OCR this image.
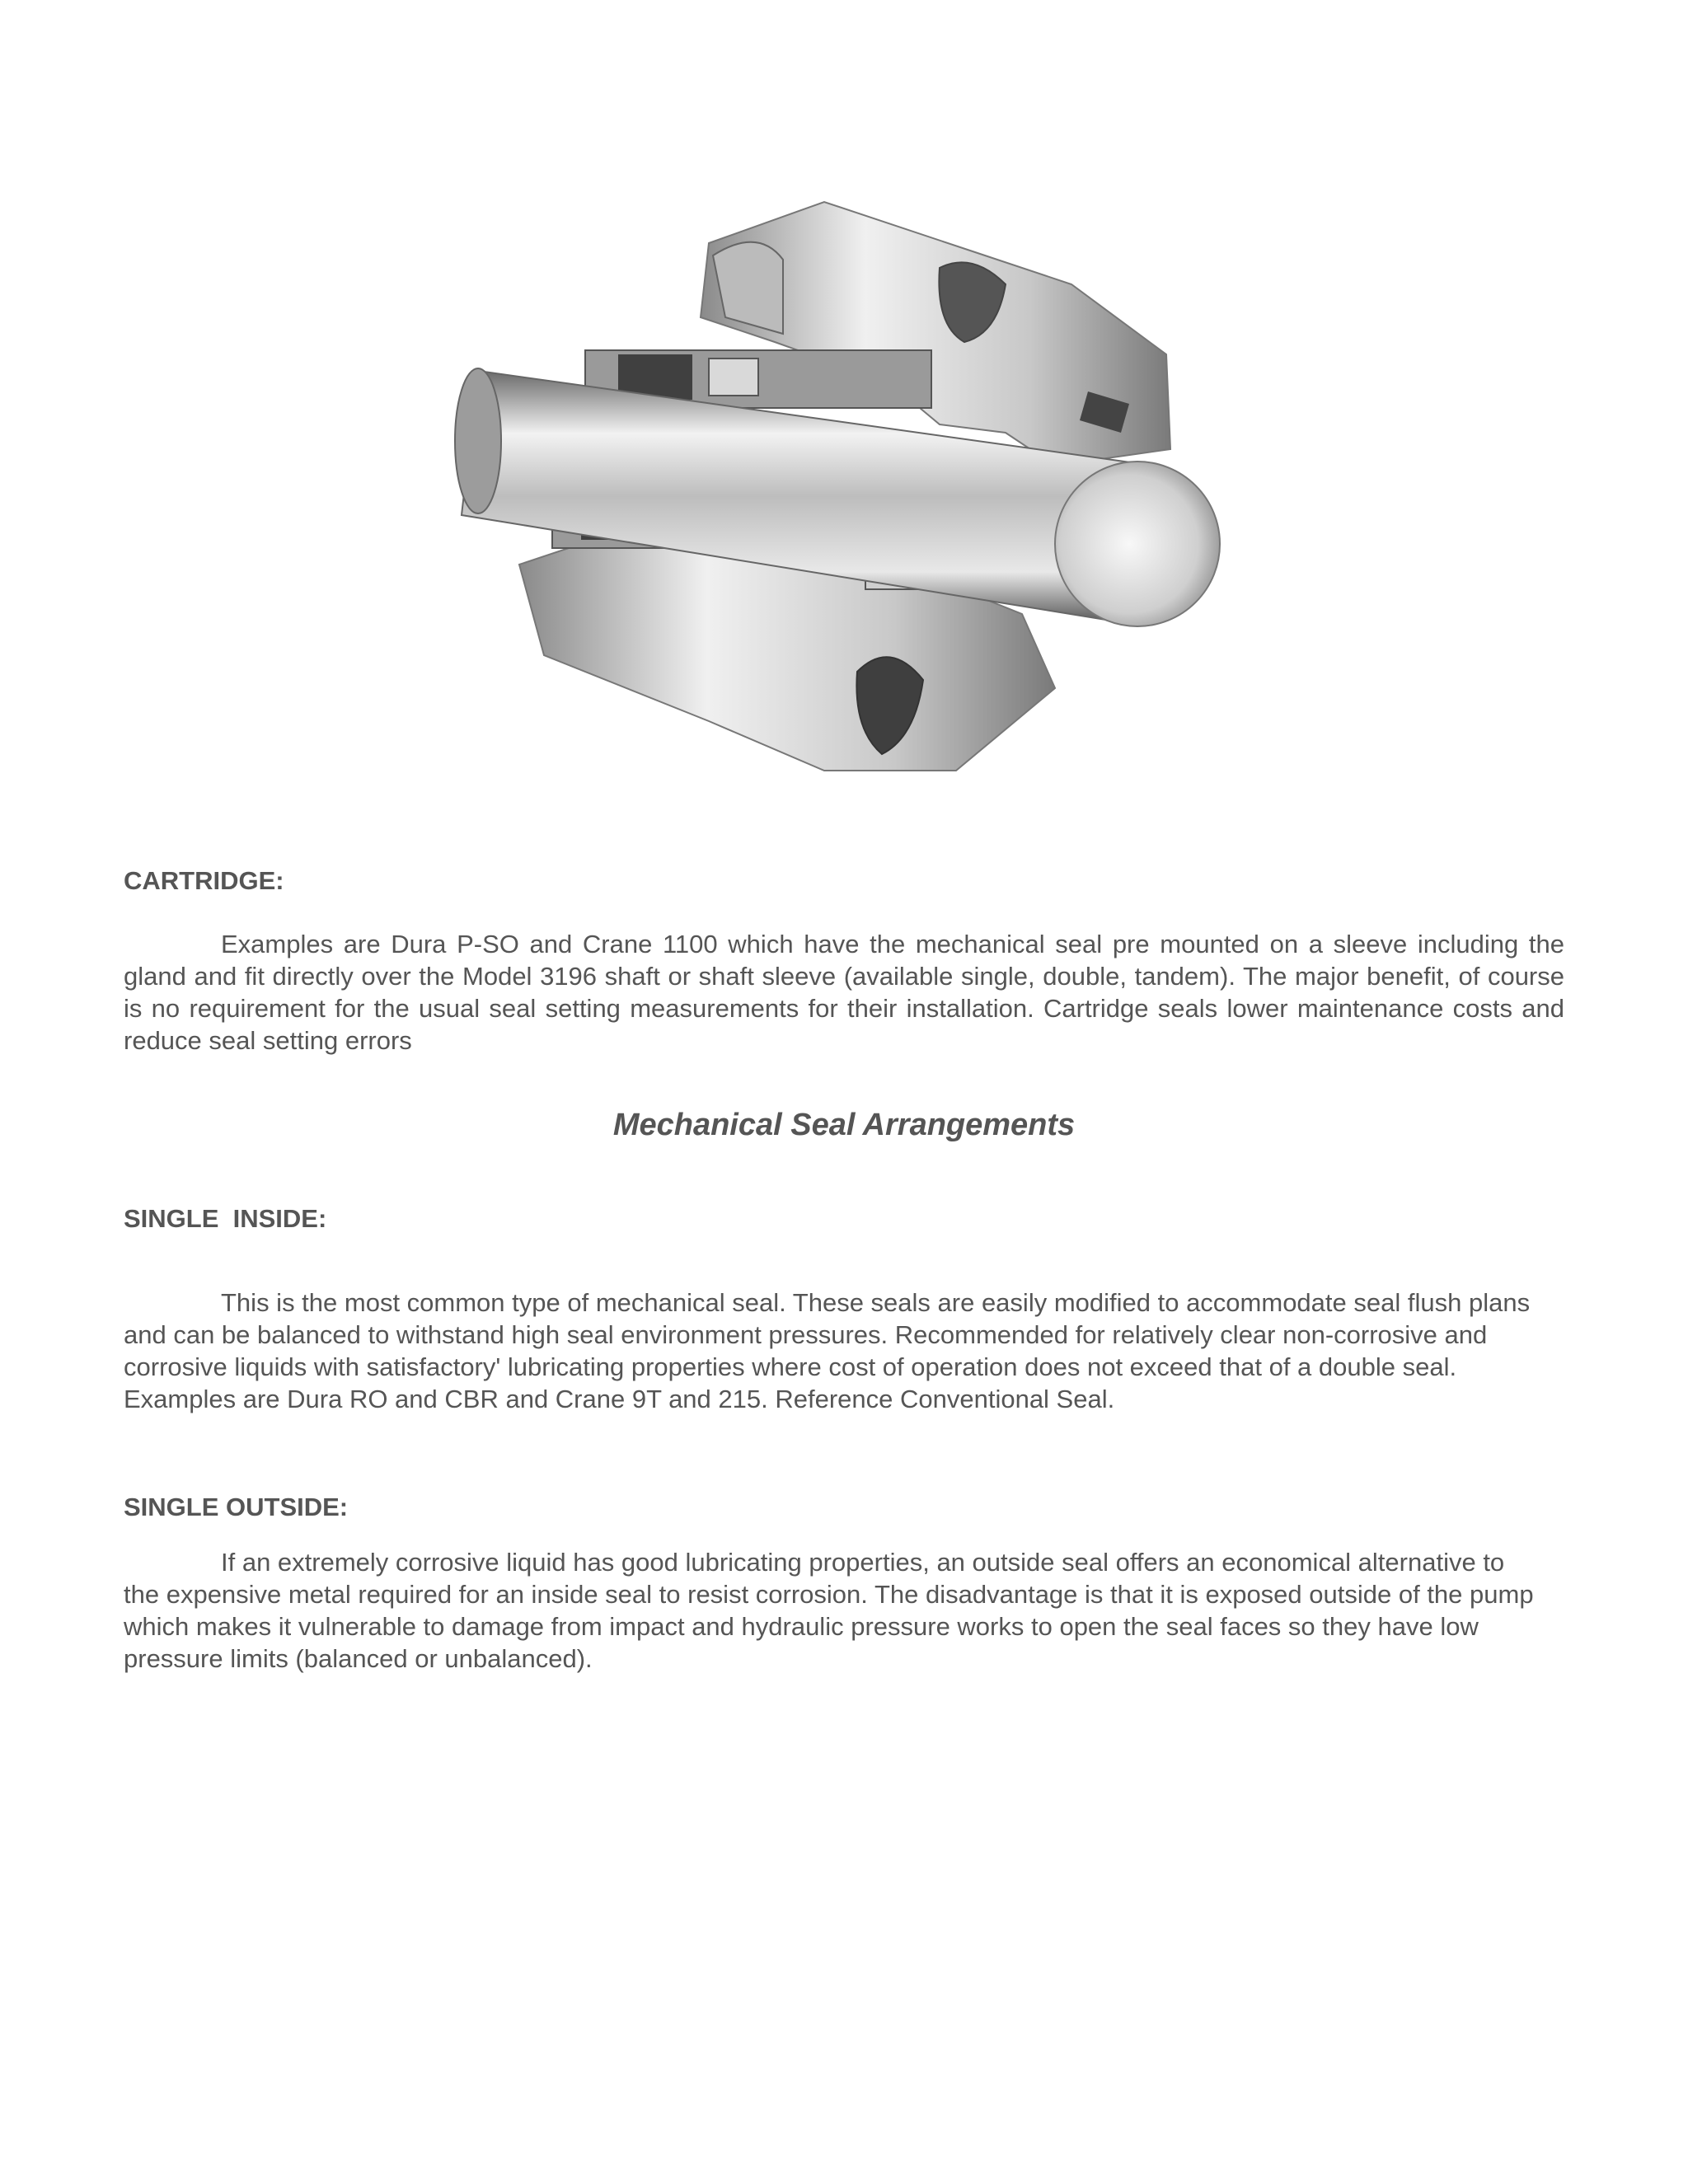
CARTRIDGE:

Examples are Dura P-SO and Crane 1100 which have the mechanical seal pre mounted on a sleeve including the gland and fit directly over the Model 3196 shaft or shaft sleeve (available single, double, tandem). The major benefit, of course is no requirement for the usual seal setting measurements for their installation. Cartridge seals lower maintenance costs and reduce seal setting errors

Mechanical Seal Arrangements
SINGLE  INSIDE:

This is the most common type of mechanical seal. These seals are easily modified to accommodate seal flush plans and can be balanced to withstand high seal environment pressures. Recommended for relatively clear non-corrosive and corrosive liquids with satisfactory' lubricating properties where cost of operation does not exceed that of a double seal. Examples are Dura RO and CBR and Crane 9T and 215. Reference Conventional Seal.

SINGLE OUTSIDE:

If an extremely corrosive liquid has good lubricating properties, an outside seal offers an economical alternative to the expensive metal required for an inside seal to resist corrosion. The disadvantage is that it is exposed outside of the pump which makes it vulnerable to damage from impact and hydraulic pressure works to open the seal faces so they have low pressure limits (balanced or unbalanced).
